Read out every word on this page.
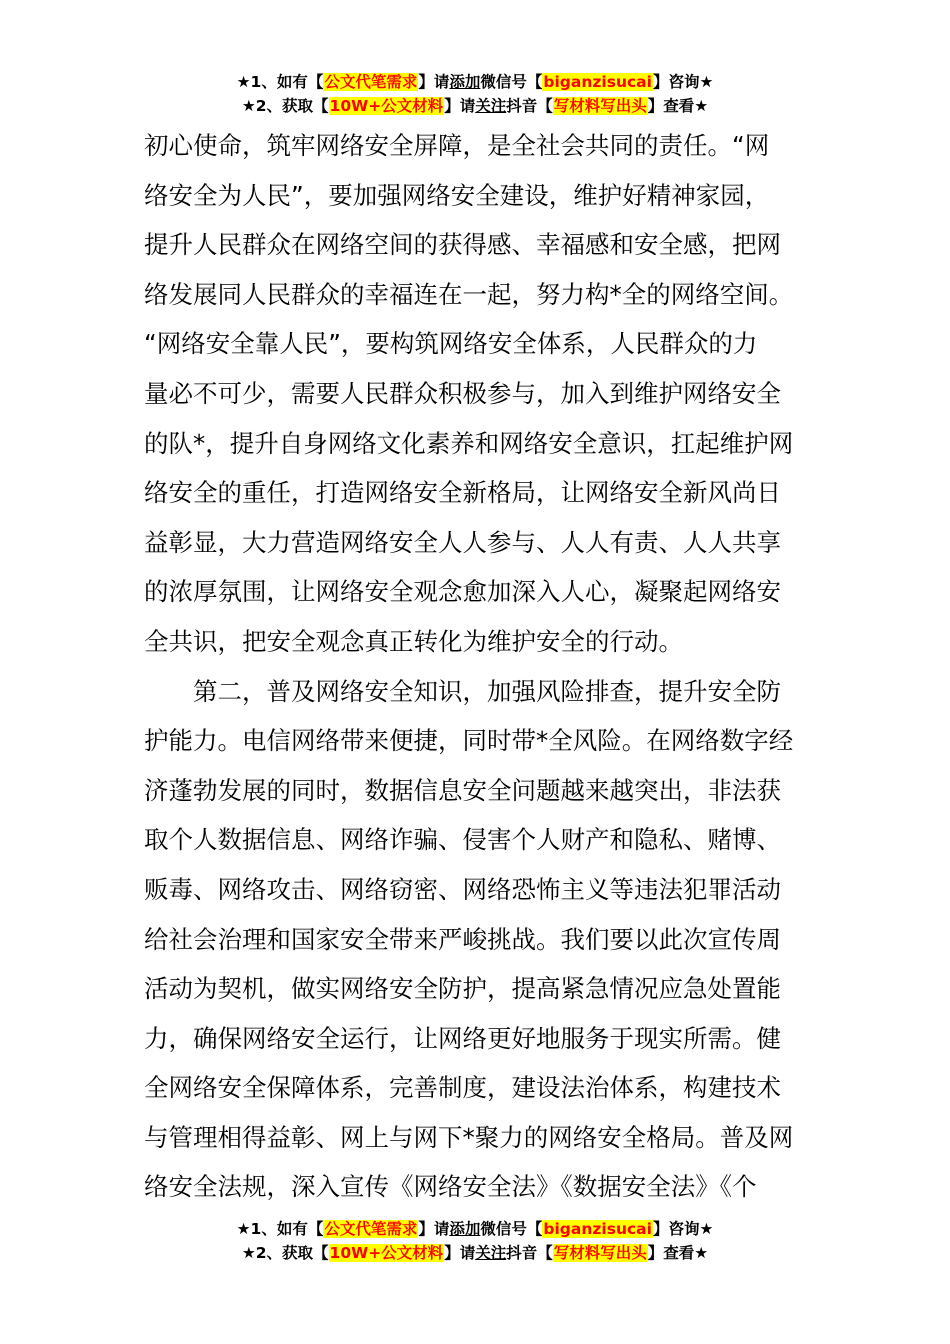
★1、如有【公文代笔需求】请添加微信号【biganzisucai】咨询★
★2、获取【10W+公文材料】请关注抖音【写材料写出头】查看★
初心使命，筑牢网络安全屏障，是全社会共同的责任。“网
络安全为人民”，要加强网络安全建设，维护好精神家园，
提升人民群众在网络空间的获得感、幸福感和安全感，把网
络发展同人民群众的幸福连在一起，努力构*全的网络空间。
“网络安全靠人民”，要构筑网络安全体系，人民群众的力
量必不可少，需要人民群众积极参与，加入到维护网络安全
的队*，提升自身网络文化素养和网络安全意识，扛起维护网
络安全的重任，打造网络安全新格局，让网络安全新风尚日
益彰显，大力营造网络安全人人参与、人人有责、人人共享
的浓厚氛围，让网络安全观念愈加深入人心，凝聚起网络安
全共识，把安全观念真正转化为维护安全的行动。
第二，普及网络安全知识，加强风险排查，提升安全防
护能力。电信网络带来便捷，同时带*全风险。在网络数字经
济蓬勃发展的同时，数据信息安全问题越来越突出，非法获
取个人数据信息、网络诈骗、侵害个人财产和隐私、赌博、
贩毒、网络攻击、网络窃密、网络恐怖主义等违法犯罪活动
给社会治理和国家安全带来严峻挑战。我们要以此次宣传周
活动为契机，做实网络安全防护，提高紧急情况应急处置能
力，确保网络安全运行，让网络更好地服务于现实所需。健
全网络安全保障体系，完善制度，建设法治体系，构建技术
与管理相得益彰、网上与网下*聚力的网络安全格局。普及网
络安全法规，深入宣传《网络安全法》《数据安全法》《个
★1、如有【公文代笔需求】请添加微信号【biganzisucai】咨询★
★2、获取【10W+公文材料】请关注抖音【写材料写出头】查看★
